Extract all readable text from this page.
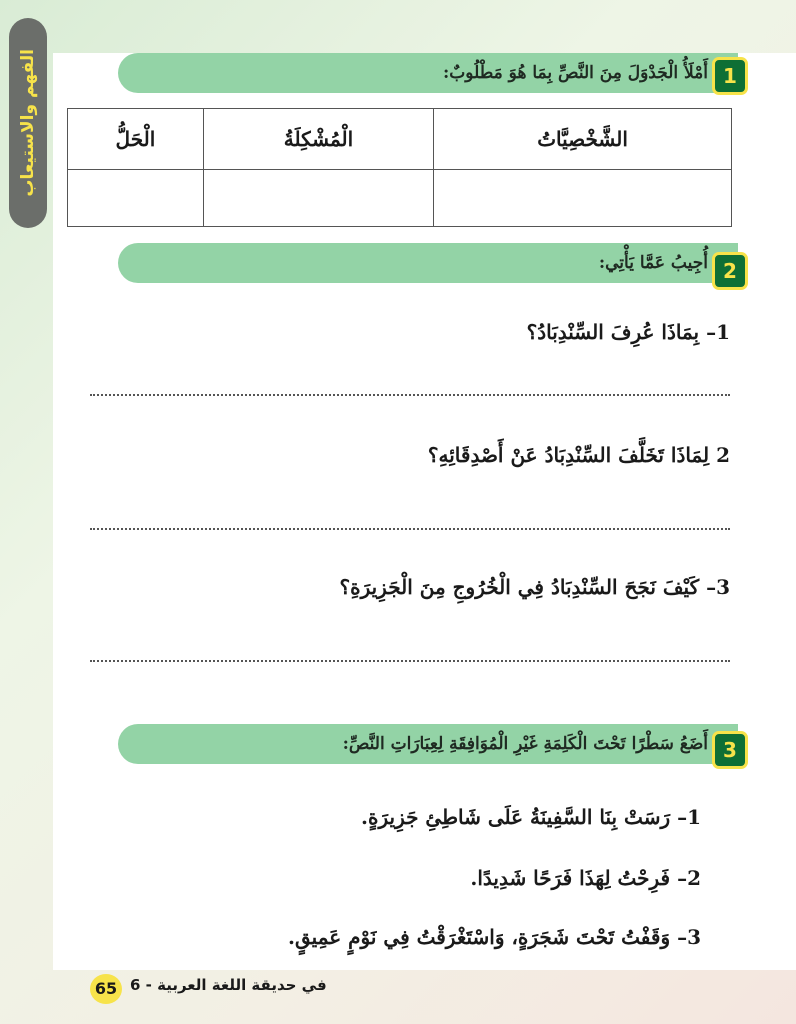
الفهم والاستيعاب	أَمْلَأُ الْجَدْوَلَ مِنَ النَّصِّ بِمَا هُوَ مَطْلُوبٌ: 1
الشَّخْصِيَّاتُ	الْمُشْكِلَةُ	الْحَلُّ

أُجِيبُ عَمَّا يَأْتِي: 2
1– بِمَاذَا عُرِفَ السِّنْدِبَادُ؟
2 لِمَاذَا تَخَلَّفَ السِّنْدِبَادُ عَنْ أَصْدِقَائِهِ؟
3– كَيْفَ نَجَحَ السِّنْدِبَادُ فِي الْخُرُوجِ مِنَ الْجَزِيرَةِ؟
أَضَعُ سَطْرًا تَحْتَ الْكَلِمَةِ غَيْرِ الْمُوَافِقَةِ لِعِبَارَاتِ النَّصِّ: 3
1– رَسَتْ بِنَا السَّفِينَةُ عَلَى شَاطِئِ جَزِيرَةٍ.
2– فَرِحْتُ لِهَذَا فَرَحًا شَدِيدًا.
3– وَقَفْتُ تَحْتَ شَجَرَةٍ، وَاسْتَغْرَقْتُ فِي نَوْمٍ عَمِيقٍ.
65 في حديقة اللغة العربية - 6
